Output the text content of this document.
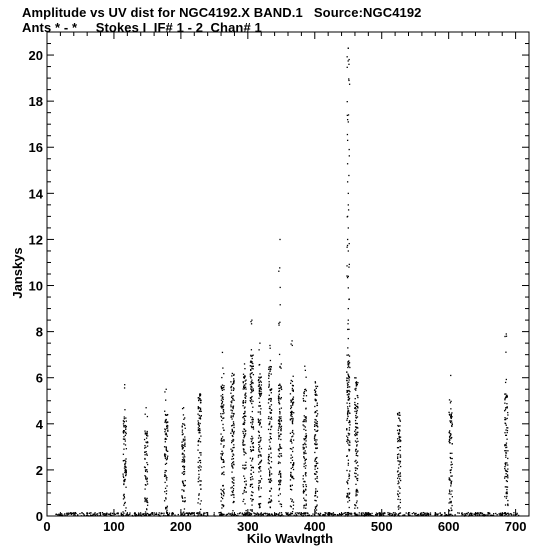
Amplitude vs UV dist for NGC4192.X BAND.1   Source:NGC4192
Ants * - *     Stokes I  IF# 1 - 2  Chan# 1
0	100	200	300	400	500	600	700
0
2
4
6
8
10
12
14
16
18
20
Kilo Wavlngth
Janskys
